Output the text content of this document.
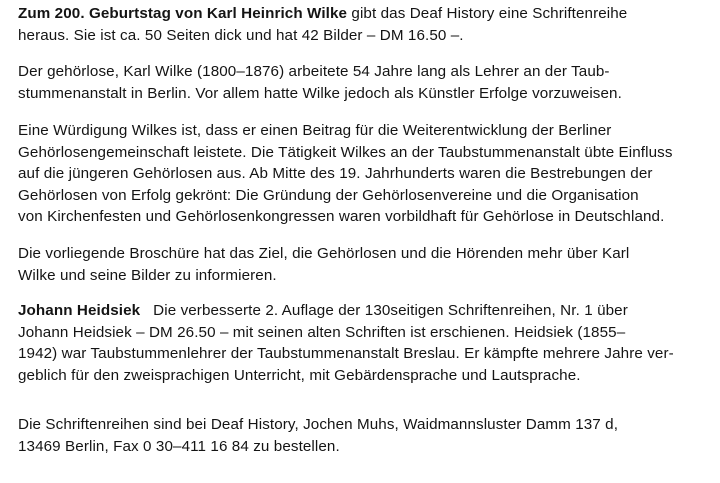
Zum 200. Geburtstag von Karl Heinrich Wilke gibt das Deaf History eine Schriftenreihe
heraus. Sie ist ca. 50 Seiten dick und hat 42 Bilder – DM 16.50 –.

Der gehörlose, Karl Wilke (1800–1876) arbeitete 54 Jahre lang als Lehrer an der Taub-
stummenanstalt in Berlin. Vor allem hatte Wilke jedoch als Künstler Erfolge vorzuweisen.

Eine Würdigung Wilkes ist, dass er einen Beitrag für die Weiterentwicklung der Berliner
Gehörlosengemeinschaft leistete. Die Tätigkeit Wilkes an der Taubstummenanstalt übte Einfluss
auf die jüngeren Gehörlosen aus. Ab Mitte des 19. Jahrhunderts waren die Bestrebungen der
Gehörlosen von Erfolg gekrönt: Die Gründung der Gehörlosenvereine und die Organisation
von Kirchenfesten und Gehörlosenkongressen waren vorbildhaft für Gehörlose in Deutschland.

Die vorliegende Broschüre hat das Ziel, die Gehörlosen und die Hörenden mehr über Karl
Wilke und seine Bilder zu informieren.

Johann Heidsiek   Die verbesserte 2. Auflage der 130seitigen Schriftenreihen, Nr. 1 über
Johann Heidsiek – DM 26.50 – mit seinen alten Schriften ist erschienen. Heidsiek (1855–
1942) war Taubstummenlehrer der Taubstummenanstalt Breslau. Er kämpfte mehrere Jahre ver-
geblich für den zweisprachigen Unterricht, mit Gebärdensprache und Lautsprache.

Die Schriftenreihen sind bei Deaf History, Jochen Muhs, Waidmannsluster Damm 137 d,
13469 Berlin, Fax 0 30–411 16 84 zu bestellen.
